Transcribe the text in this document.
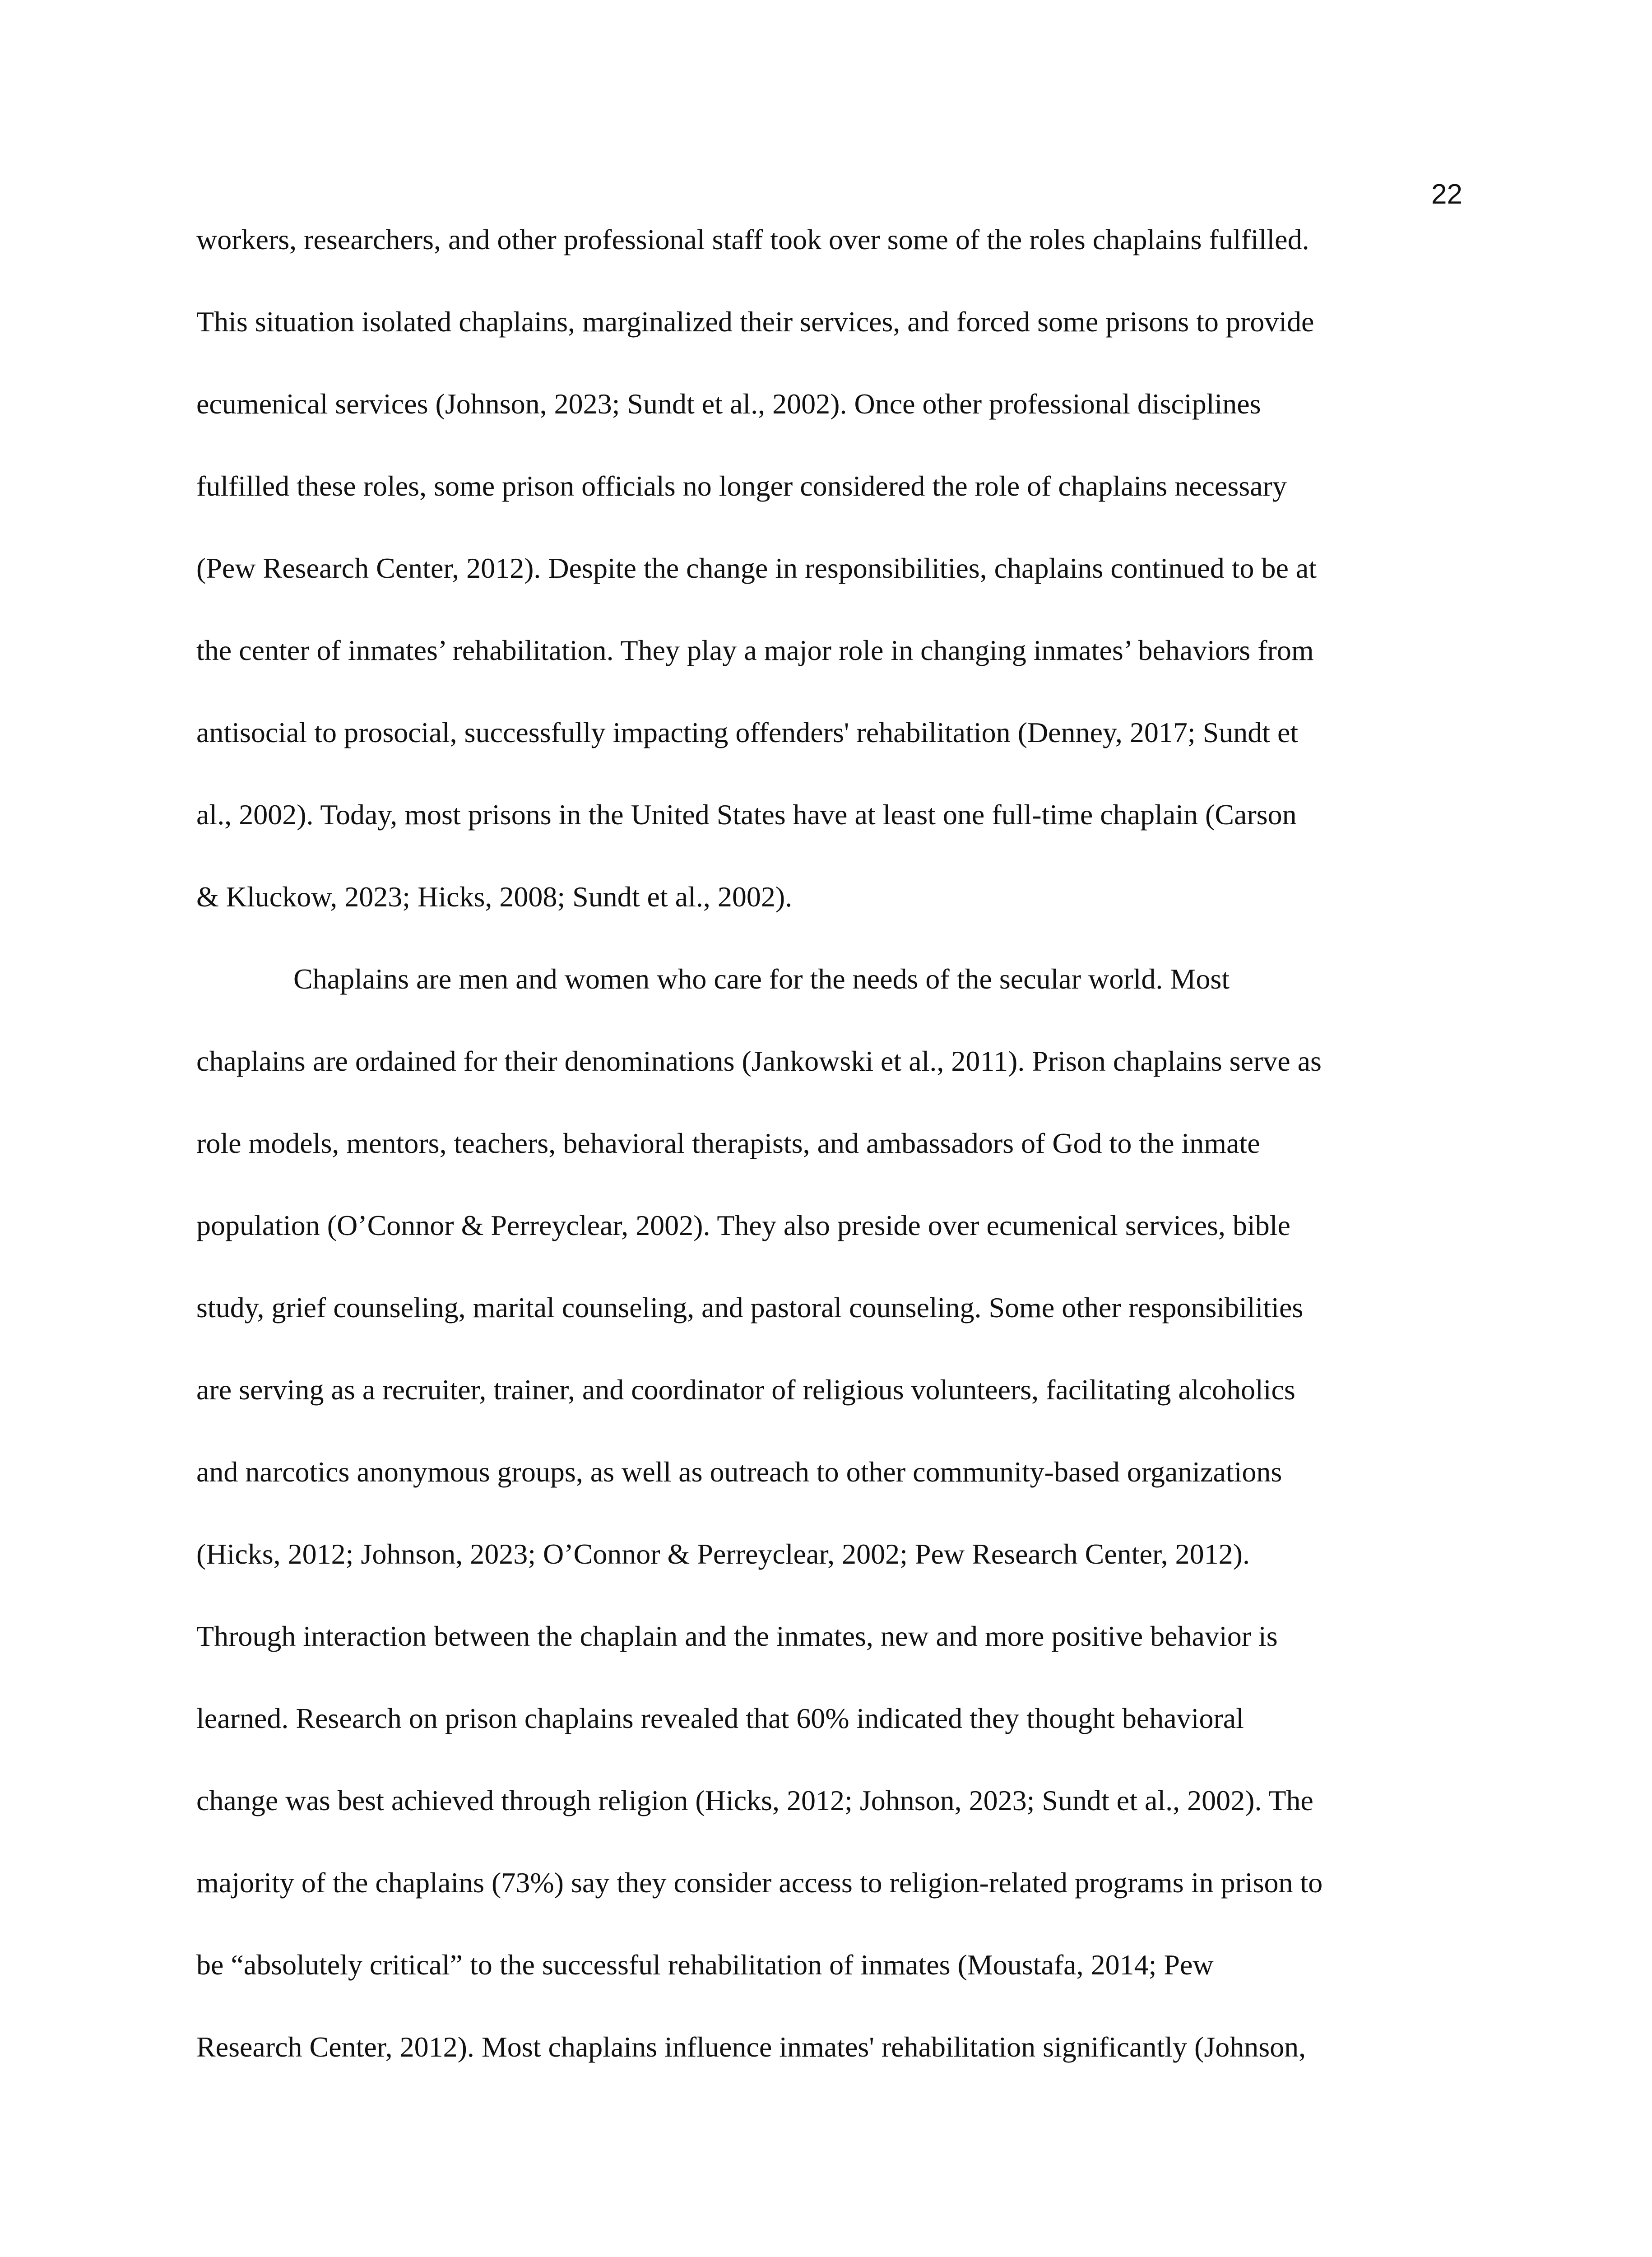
22
workers, researchers, and other professional staff took over some of the roles chaplains fulfilled.
This situation isolated chaplains, marginalized their services, and forced some prisons to provide
ecumenical services (Johnson, 2023; Sundt et al., 2002). Once other professional disciplines
fulfilled these roles, some prison officials no longer considered the role of chaplains necessary
(Pew Research Center, 2012). Despite the change in responsibilities, chaplains continued to be at
the center of inmates’ rehabilitation. They play a major role in changing inmates’ behaviors from
antisocial to prosocial, successfully impacting offenders' rehabilitation (Denney, 2017; Sundt et
al., 2002). Today, most prisons in the United States have at least one full-time chaplain (Carson
& Kluckow, 2023; Hicks, 2008; Sundt et al., 2002).
Chaplains are men and women who care for the needs of the secular world. Most
chaplains are ordained for their denominations (Jankowski et al., 2011). Prison chaplains serve as
role models, mentors, teachers, behavioral therapists, and ambassadors of God to the inmate
population (O’Connor & Perreyclear, 2002). They also preside over ecumenical services, bible
study, grief counseling, marital counseling, and pastoral counseling. Some other responsibilities
are serving as a recruiter, trainer, and coordinator of religious volunteers, facilitating alcoholics
and narcotics anonymous groups, as well as outreach to other community-based organizations
(Hicks, 2012; Johnson, 2023; O’Connor & Perreyclear, 2002; Pew Research Center, 2012).
Through interaction between the chaplain and the inmates, new and more positive behavior is
learned. Research on prison chaplains revealed that 60% indicated they thought behavioral
change was best achieved through religion (Hicks, 2012; Johnson, 2023; Sundt et al., 2002). The
majority of the chaplains (73%) say they consider access to religion-related programs in prison to
be “absolutely critical” to the successful rehabilitation of inmates (Moustafa, 2014; Pew
Research Center, 2012). Most chaplains influence inmates' rehabilitation significantly (Johnson,
